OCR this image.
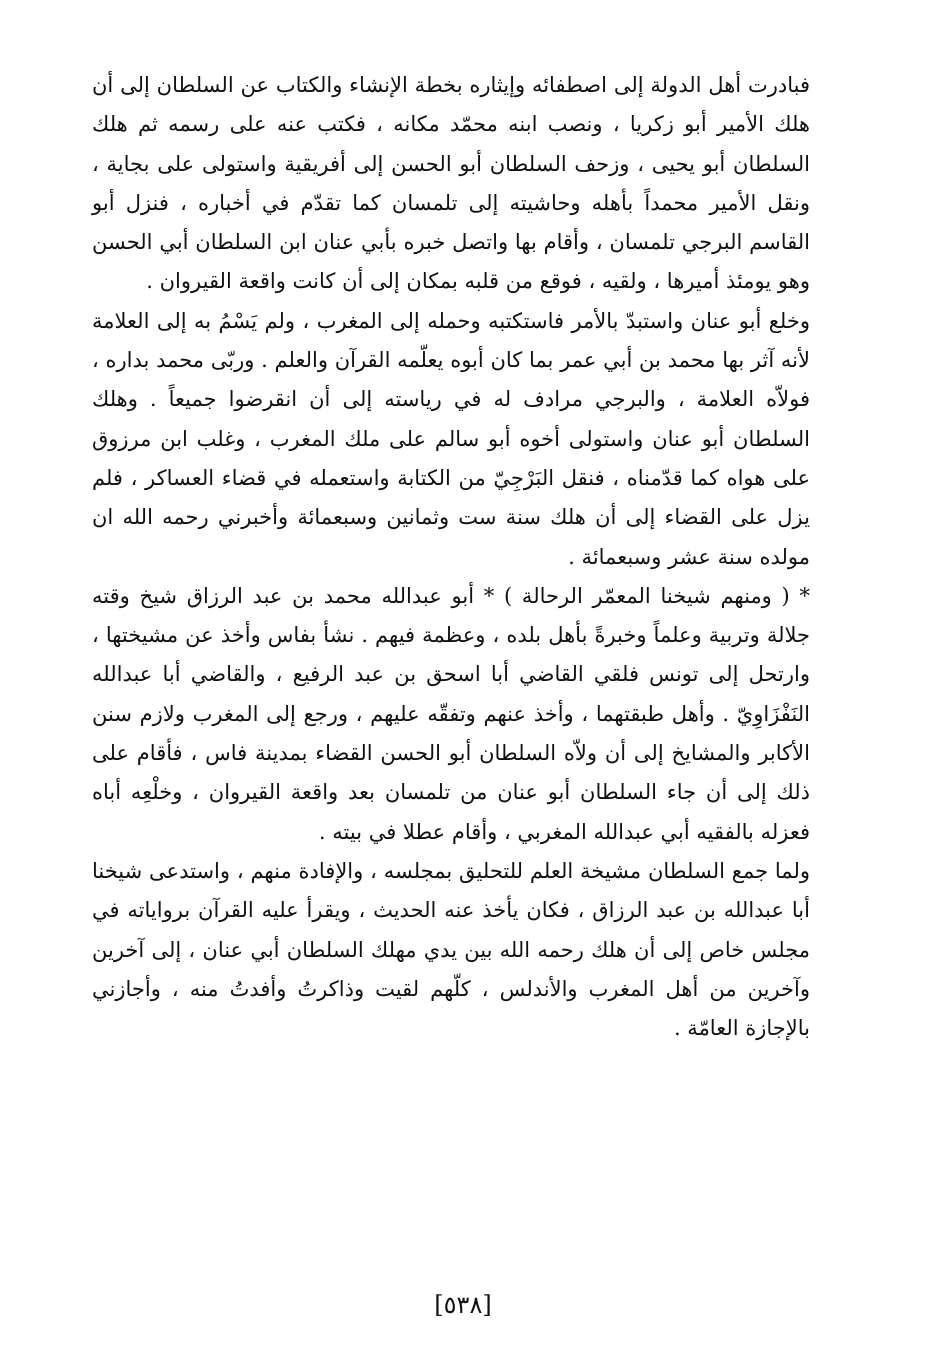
فبادرت أهل الدولة إلى اصطفائه وإيثاره بخطة الإنشاء والكتاب عن السلطان إلى أن هلك الأمير أبو زكريا ، ونصب ابنه محمّد مكانه ، فكتب عنه على رسمه ثم هلك السلطان أبو يحيى ، وزحف السلطان أبو الحسن إلى أفريقية واستولى على بجاية ، ونقل الأمير محمداً بأهله وحاشيته إلى تلمسان كما تقدّم في أخباره ، فنزل أبو القاسم البرجي تلمسان ، وأقام بها واتصل خبره بأبي عنان ابن السلطان أبي الحسن وهو يومئذ أميرها ، ولقيه ، فوقع من قلبه بمكان إلى أن كانت واقعة القيروان .

وخلع أبو عنان واستبدّ بالأمر فاستكتبه وحمله إلى المغرب ، ولم يَسْمُ به إلى العلامة لأنه آثر بها محمد بن أبي عمر بما كان أبوه يعلّمه القرآن والعلم . وربّى محمد بداره ، فولاّه العلامة ، والبرجي مرادف له في رياسته إلى أن انقرضوا جميعاً . وهلك السلطان أبو عنان واستولى أخوه أبو سالم على ملك المغرب ، وغلب ابن مرزوق على هواه كما قدّمناه ، فنقل البَرْجِيّ من الكتابة واستعمله في قضاء العساكر ، فلم يزل على القضاء إلى أن هلك سنة ست وثمانين وسبعمائة وأخبرني رحمه الله ان مولده سنة عشر وسبعمائة .

* ( ومنهم شيخنا المعمّر الرحالة ) * أبو عبدالله محمد بن عبد الرزاق شيخ وقته جلالة وتربية وعلماً وخبرةً بأهل بلده ، وعظمة فيهم . نشأ بفاس وأخذ عن مشيختها ، وارتحل إلى تونس فلقي القاضي أبا اسحق بن عبد الرفيع ، والقاضي أبا عبدالله النَفْزَاوِيّ . وأهل طبقتهما ، وأخذ عنهم وتفقّه عليهم ، ورجع إلى المغرب ولازم سنن الأكابر والمشايخ إلى أن ولاّه السلطان أبو الحسن القضاء بمدينة فاس ، فأقام على ذلك إلى أن جاء السلطان أبو عنان من تلمسان بعد واقعة القيروان ، وخلْعِه أباه فعزله بالفقيه أبي عبدالله المغربي ، وأقام عطلا في بيته .

ولما جمع السلطان مشيخة العلم للتحليق بمجلسه ، والإفادة منهم ، واستدعى شيخنا أبا عبدالله بن عبد الرزاق ، فكان يأخذ عنه الحديث ، ويقرأ عليه القرآن برواياته في مجلس خاص إلى أن هلك رحمه الله بين يدي مهلك السلطان أبي عنان ، إلى آخرين وآخرين من أهل المغرب والأندلس ، كلّهم لقيت وذاكرتُ وأفدتُ منه ، وأجازني بالإجازة العامّة .

[٥٣٨]
